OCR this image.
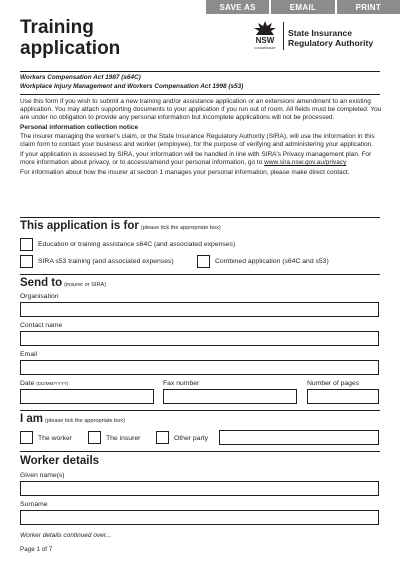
SAVE AS	EMAIL	PRINT
Training
application	NSW
GOVERNMENT
State Insurance
Regulatory Authority
Workers Compensation Act 1987 (s64C)
Workplace Injury Management and Workers Compensation Act 1998 (s53)

Use this form if you wish to submit a new training and/or assistance application or an extension/ amendment to an existing application. You may attach supporting documents to your application if you run out of room. All fields must be completed. You are under no obligation to provide any personal information but incomplete applications will not be processed.

Personal information collection notice

The insurer managing the worker's claim, or the State Insurance Regulatory Authority (SIRA), will use the information in this claim form to contact your business and worker (employee), for the purpose of verifying and administering your application.

If your application is assessed by SIRA, your information will be handled in line with SIRA's Privacy management plan. For more information about privacy, or to access/amend your personal information, go to www.sira.nsw.gov.au/privacy

For information about how the insurer at section 1 manages your personal information, please make direct contact.

This application is for (please tick the appropriate box)
Education or training assistance s64C (and associated expenses)
SIRA s53 training (and associated expenses)	Combined application (s64C and s53)
Send to (insurer or SIRA)
Organisation
Contact name
Email
Date (DD/MM/YYYY)	Fax number	Number of pages
I am (please tick the appropriate box)
The worker	The insurer	Other party
Worker details
Given name(s)
Surname
Worker details continued over...
Page 1 of 7
